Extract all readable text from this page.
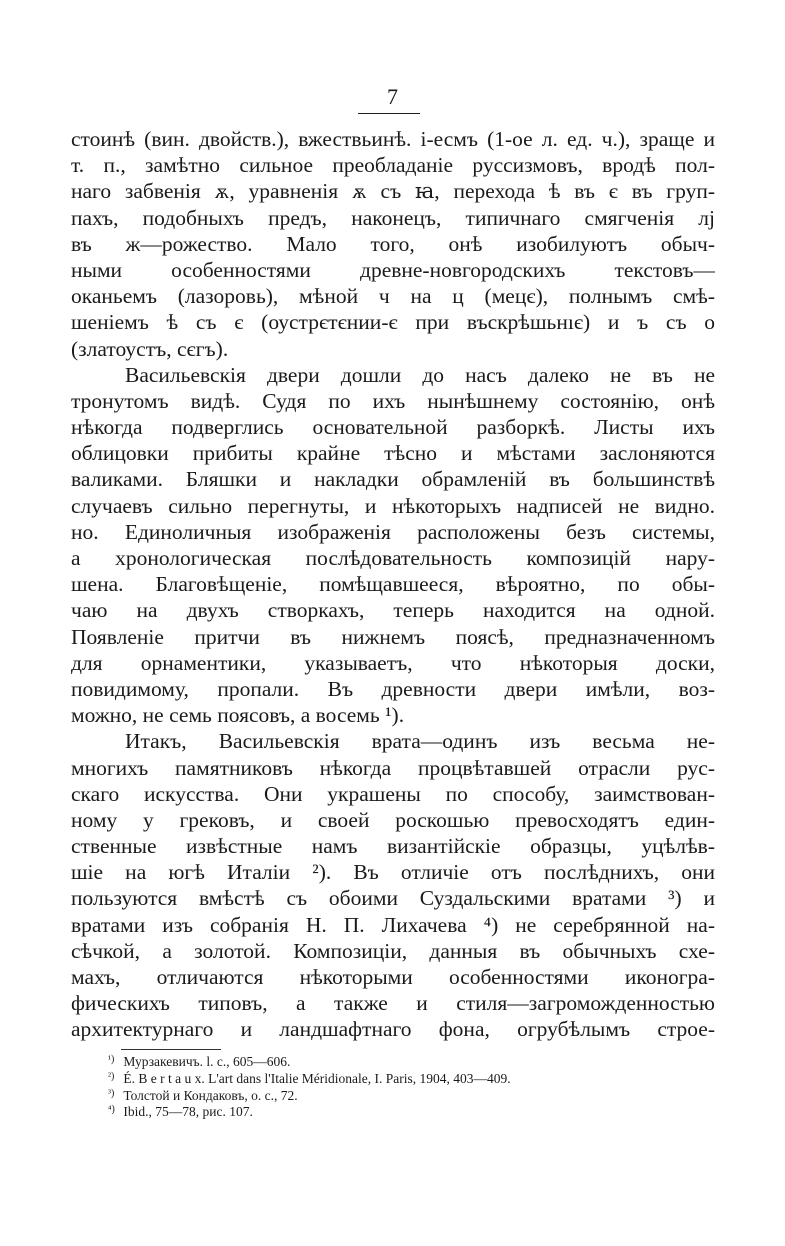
7
стоинѣ (вин. двойств.), вжествьинѣ. і-есмъ (1-ое л. ед. ч.), зраще и
т. п., замѣтно сильное преобладаніе руссизмовъ, вродѣ пол-
наго забвенія ѫ, уравненія ѫ съ ꙗ, перехода ѣ въ є въ груп-
пахъ, подобныхъ предъ, наконецъ, типичнаго смягченія лј
въ ж—рожество. Мало того, онѣ изобилуютъ обыч-
ными особенностями древне-новгородскихъ текстовъ—
оканьемъ (лазоровь), мѣной ч на ц (мецє), полнымъ смѣ-
шеніемъ ѣ съ є (оустрєтєнии-є при въскрѣшьнıє) и ъ съ о
(златоустъ, сєгъ).
Васильевскія двери дошли до насъ далеко не въ не
тронутомъ видѣ. Судя по ихъ нынѣшнему состоянію, онѣ
нѣкогда подверглись основательной разборкѣ. Листы ихъ
облицовки прибиты крайне тѣсно и мѣстами заслоняются
валиками. Бляшки и накладки обрамленій въ большинствѣ
случаевъ сильно перегнуты, и нѣкоторыхъ надписей не видно.
но. Единоличныя изображенія расположены безъ системы,
а хронологическая послѣдовательность композицій нару-
шена. Благовѣщеніе, помѣщавшееся, вѣроятно, по обы-
чаю на двухъ створкахъ, теперь находится на одной.
Появленіе притчи въ нижнемъ поясѣ, предназначенномъ
для орнаментики, указываетъ, что нѣкоторыя доски,
повидимому, пропали. Въ древности двери имѣли, воз-
можно, не семь поясовъ, а восемь ¹).
Итакъ, Васильевскія врата—одинъ изъ весьма не-
многихъ памятниковъ нѣкогда процвѣтавшей отрасли рус-
скаго искусства. Они украшены по способу, заимствован-
ному у грековъ, и своей роскошью превосходятъ един-
ственные извѣстные намъ византійскіе образцы, уцѣлѣв-
шіе на югѣ Италіи ²). Въ отличіе отъ послѣднихъ, они
пользуются вмѣстѣ съ обоими Суздальскими вратами ³) и
вратами изъ собранія Н. П. Лихачева ⁴) не серебрянной на-
сѣчкой, а золотой. Композиціи, данныя въ обычныхъ схе-
махъ, отличаются нѣкоторыми особенностями иконогра-
фическихъ типовъ, а также и стиля—загроможденностью
архитектурнаго и ландшафтнаго фона, огрубѣлымъ строе-
¹) Мурзакевичъ. l. c., 605—606.
²) É. B e r t a u x. L'art dans l'Italie Méridionale, I. Paris, 1904, 403—409.
³) Толстой и Кондаковъ, o. c., 72.
⁴) Ibid., 75—78, рис. 107.
